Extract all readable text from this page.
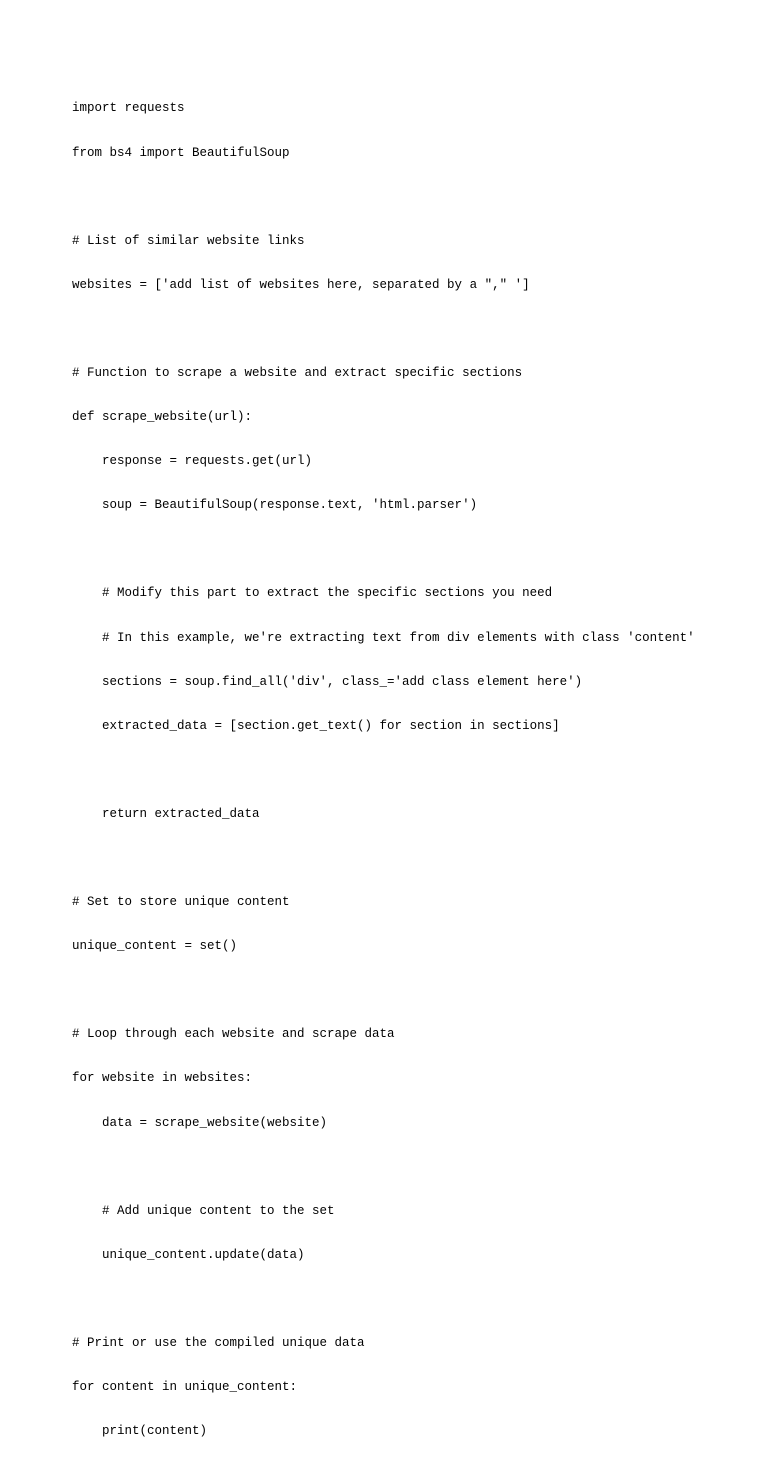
import requests

from bs4 import BeautifulSoup

# List of similar website links

websites = ['add list of websites here, separated by a "," ']

# Function to scrape a website and extract specific sections

def scrape_website(url):

response = requests.get(url)

soup = BeautifulSoup(response.text, 'html.parser')

# Modify this part to extract the specific sections you need

# In this example, we're extracting text from div elements with class 'content'

sections = soup.find_all('div', class_='add class element here')

extracted_data = [section.get_text() for section in sections]

return extracted_data

# Set to store unique content

unique_content = set()

# Loop through each website and scrape data

for website in websites:

data = scrape_website(website)

# Add unique content to the set

unique_content.update(data)

# Print or use the compiled unique data

for content in unique_content:

print(content)
